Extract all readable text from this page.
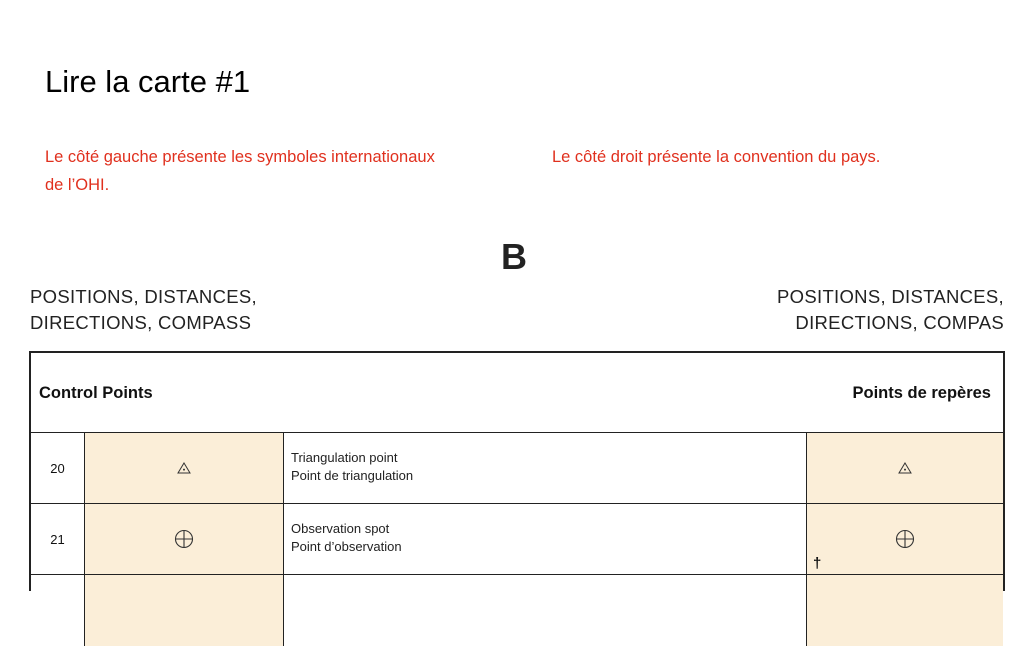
Lire la carte #1
Le côté gauche présente les symboles internationaux de l’OHI.
Le côté droit présente la convention du pays.
B
POSITIONS, DISTANCES,
DIRECTIONS, COMPASS
POSITIONS, DISTANCES,
DIRECTIONS, COMPAS
Control Points	Points de repères
20
Triangulation point
Point de triangulation
21
Observation spot
Point d’observation
†
